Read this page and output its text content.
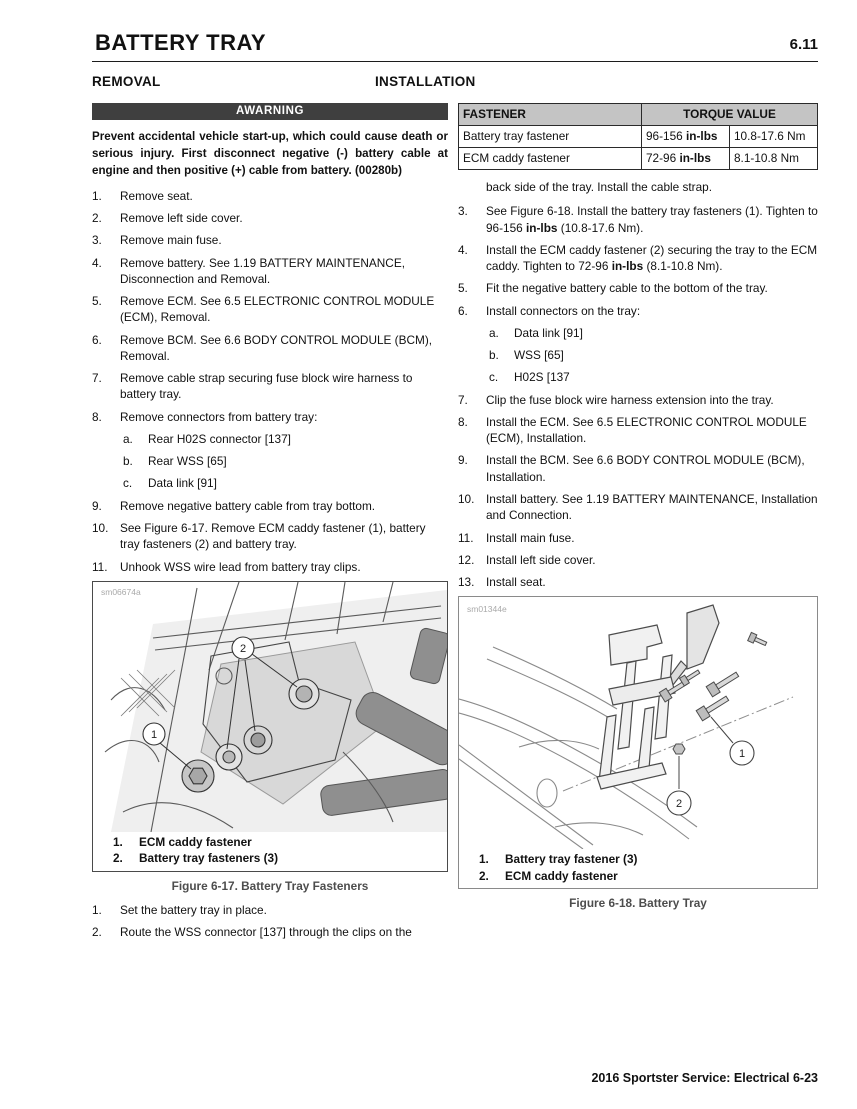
BATTERY TRAY	6.11
REMOVAL	INSTALLATION
AWARNING
Prevent accidental vehicle start-up, which could cause death or serious injury. First disconnect negative (-) battery cable at engine and then positive (+) cable from battery. (00280b)
1.	Remove seat.
2.	Remove left side cover.
3.	Remove main fuse.
4.	Remove battery. See 1.19 BATTERY MAINTENANCE, Disconnection and Removal.
5.	Remove ECM. See 6.5 ELECTRONIC CONTROL MODULE (ECM), Removal.
6.	Remove BCM. See 6.6 BODY CONTROL MODULE (BCM), Removal.
7.	Remove cable strap securing fuse block wire harness to battery tray.
8.	Remove connectors from battery tray:
a.	Rear H02S connector [137]
b.	Rear WSS [65]
c.	Data link [91]
9.	Remove negative battery cable from tray bottom.
10. See Figure 6-17. Remove ECM caddy fastener (1), battery tray fasteners (2) and battery tray.
11.	Unhook WSS wire lead from battery tray clips.
1
2
sm06674a
1.	ECM caddy fastener
2.	Battery tray fasteners (3)
Figure 6-17. Battery Tray Fasteners
1.	Set the battery tray in place.
2.	Route the WSS connector [137] through the clips on the
FASTENER	TORQUE VALUE	
Battery tray fastener	96-156 in-lbs	10.8-17.6 Nm
ECM caddy fastener	72-96 in-lbs	8.1-10.8 Nm
back side of the tray. Install the cable strap.
3.	See Figure 6-18. Install the battery tray fasteners (1). Tighten to 96-156 in-lbs (10.8-17.6 Nm).
4.	Install the ECM caddy fastener (2) securing the tray to the ECM caddy. Tighten to 72-96 in-lbs (8.1-10.8 Nm).
5.	Fit the negative battery cable to the bottom of the tray.
6.	Install connectors on the tray:
a.	Data link [91]
b.	WSS [65]
c.	H02S [137
7.	Clip the fuse block wire harness extension into the tray.
8.	Install the ECM. See 6.5 ELECTRONIC CONTROL MODULE (ECM), Installation.
9.	Install the BCM. See 6.6 BODY CONTROL MODULE (BCM), Installation.
10. Install battery. See 1.19 BATTERY MAINTENANCE, Installation and Connection.
11.	Install main fuse.
12. Install left side cover.
13. Install seat.
1
2
sm01344e
1.	Battery tray fastener (3)
2.	ECM caddy fastener
Figure 6-18. Battery Tray
2016 Sportster Service: Electrical 6-23
